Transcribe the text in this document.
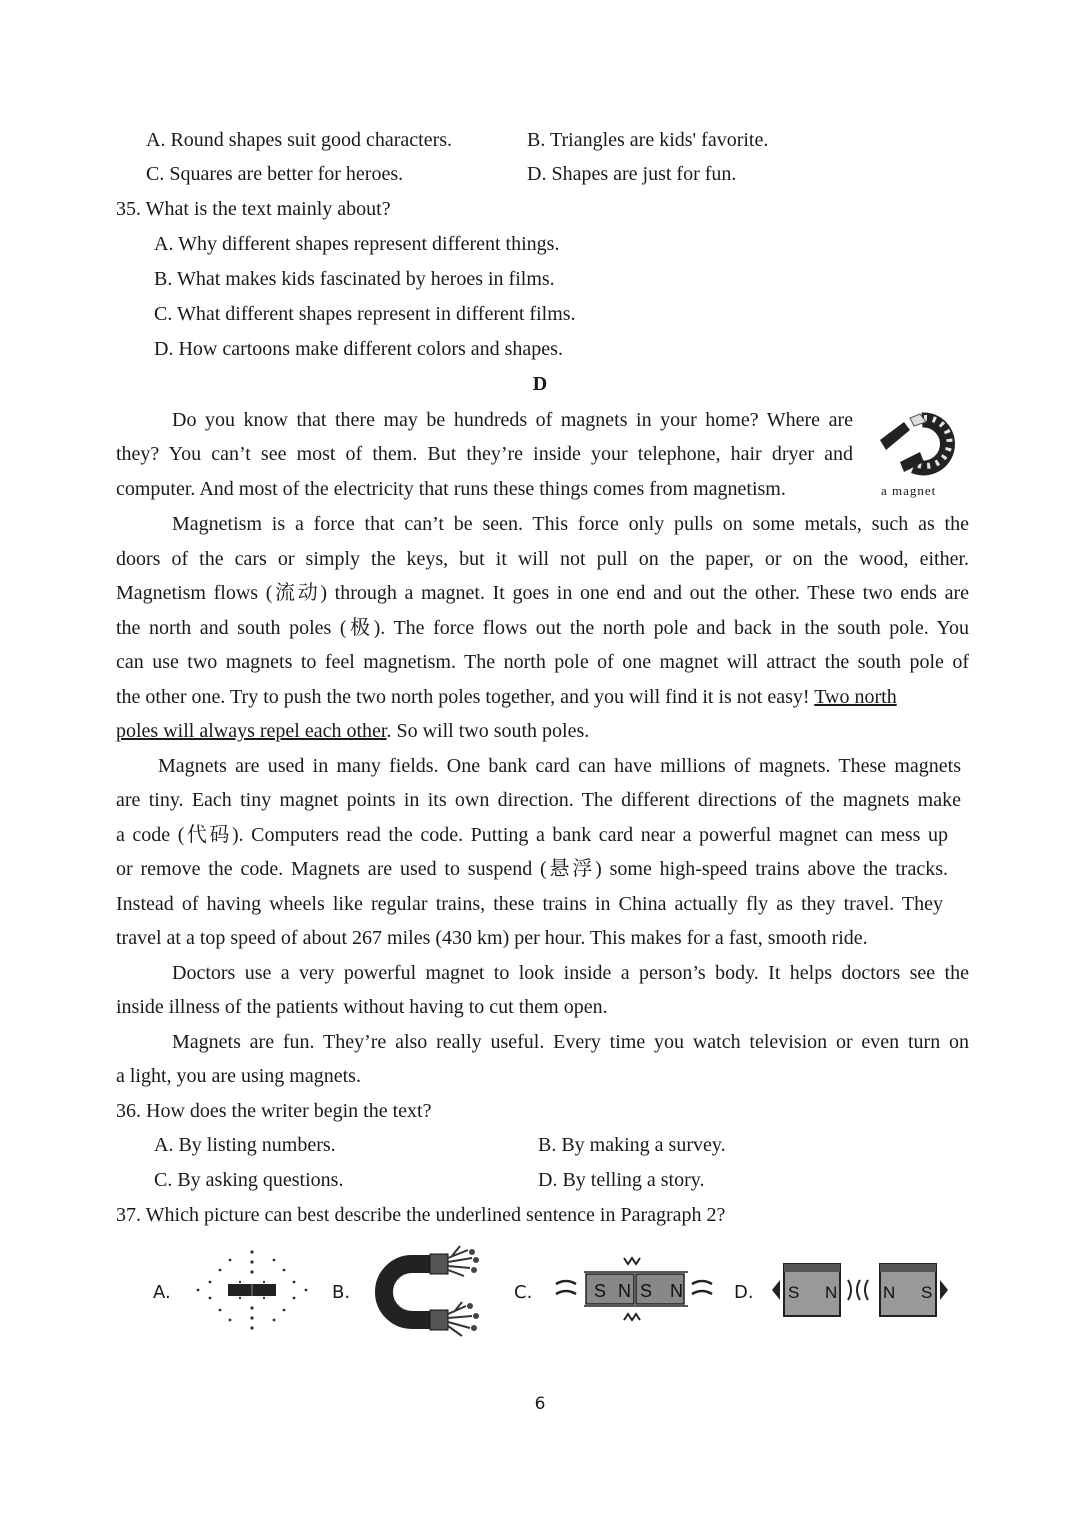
A. Round shapes suit good characters.	B. Triangles are kids' favorite.
C. Squares are better for heroes.	D. Shapes are just for fun.
35. What is the text mainly about?
A. Why different shapes represent different things.
B. What makes kids fascinated by heroes in films.
C. What different shapes represent in different films.
D. How cartoons make different colors and shapes.
D
Do you know that there may be hundreds of magnets in your home? Where are
they? You can’t see most of them. But they’re inside your telephone, hair dryer and
computer. And most of the electricity that runs these things comes from magnetism.	a magnet
Magnetism is a force that can’t be seen. This force only pulls on some metals, such as the
doors of the cars or simply the keys, but it will not pull on the paper, or on the wood, either.
Magnetism flows (流动) through a magnet. It goes in one end and out the other. These two ends are
the north and south poles (极). The force flows out the north pole and back in the south pole. You
can use two magnets to feel magnetism. The north pole of one magnet will attract the south pole of
the other one. Try to push the two north poles together, and you will find it is not easy! Two north
poles will always repel each other. So will two south poles.
Magnets are used in many fields. One bank card can have millions of magnets. These magnets
are tiny. Each tiny magnet points in its own direction. The different directions of the magnets make
a code (代码). Computers read the code. Putting a bank card near a powerful magnet can mess up
or remove the code. Magnets are used to suspend (悬浮) some high-speed trains above the tracks.
Instead of having wheels like regular trains, these trains in China actually fly as they travel. They
travel at a top speed of about 267 miles (430 km) per hour. This makes for a fast, smooth ride.
Doctors use a very powerful magnet to look inside a person’s body. It helps doctors see the
inside illness of the patients without having to cut them open.
Magnets are fun. They’re also really useful. Every time you watch television or even turn on
a light, you are using magnets.
36. How does the writer begin the text?
A. By listing numbers.	B. By making a survey.
C. By asking questions.	D. By telling a story.
37. Which picture can best describe the underlined sentence in Paragraph 2?
A.	B.	C.	S N S N	D. S N	N S
6
